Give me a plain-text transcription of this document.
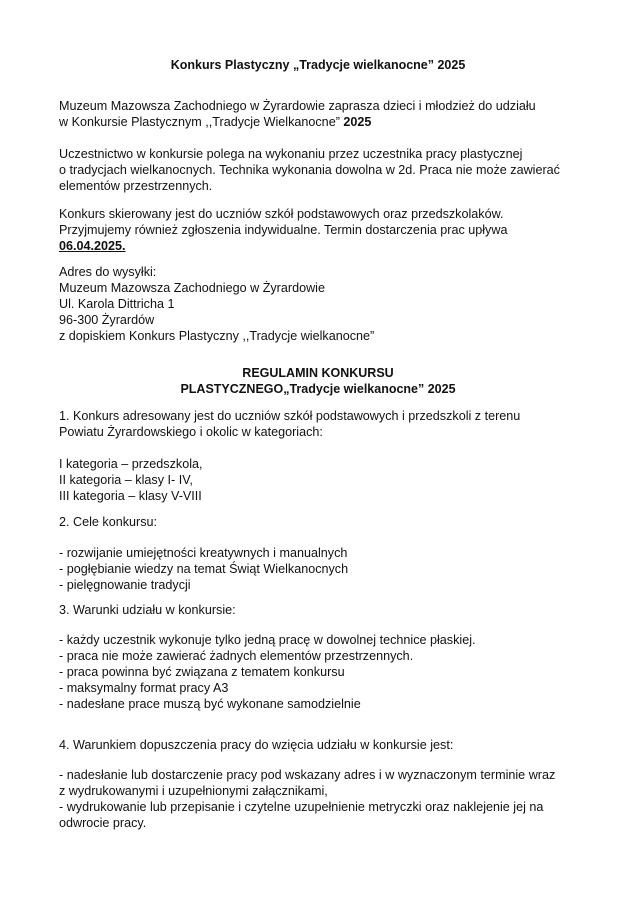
Konkurs Plastyczny „Tradycje wielkanocne” 2025
Muzeum Mazowsza Zachodniego w Żyrardowie zaprasza dzieci i młodzież do udziału
w Konkursie Plastycznym ,,Tradycje Wielkanocne” 2025
Uczestnictwo w konkursie polega na wykonaniu przez uczestnika pracy plastycznej
o tradycjach wielkanocnych. Technika wykonania dowolna w 2d. Praca nie może zawierać
elementów przestrzennych.
Konkurs skierowany jest do uczniów szkół podstawowych oraz przedszkolaków.
Przyjmujemy również zgłoszenia indywidualne. Termin dostarczenia prac upływa
06.04.2025.
Adres do wysyłki:
Muzeum Mazowsza Zachodniego w Żyrardowie
Ul. Karola Dittricha 1
96-300 Żyrardów
z dopiskiem Konkurs Plastyczny ,,Tradycje wielkanocne”
REGULAMIN KONKURSU
PLASTYCZNEGO„Tradycje wielkanocne” 2025
1. Konkurs adresowany jest do uczniów szkół podstawowych i przedszkoli z terenu
Powiatu Żyrardowskiego i okolic w kategoriach:
I kategoria – przedszkola,
II kategoria – klasy I- IV,
III kategoria – klasy V-VIII
2. Cele konkursu:
- rozwijanie umiejętności kreatywnych i manualnych
- pogłębianie wiedzy na temat Świąt Wielkanocnych
- pielęgnowanie tradycji
3. Warunki udziału w konkursie:
- każdy uczestnik wykonuje tylko jedną pracę w dowolnej technice płaskiej.
- praca nie może zawierać żadnych elementów przestrzennych.
- praca powinna być związana z tematem konkursu
- maksymalny format pracy A3
- nadesłane prace muszą być wykonane samodzielnie
4. Warunkiem dopuszczenia pracy do wzięcia udziału w konkursie jest:
- nadesłanie lub dostarczenie pracy pod wskazany adres i w wyznaczonym terminie wraz
z wydrukowanymi i uzupełnionymi załącznikami,
- wydrukowanie lub przepisanie i czytelne uzupełnienie metryczki oraz naklejenie jej na
odwrocie pracy.
